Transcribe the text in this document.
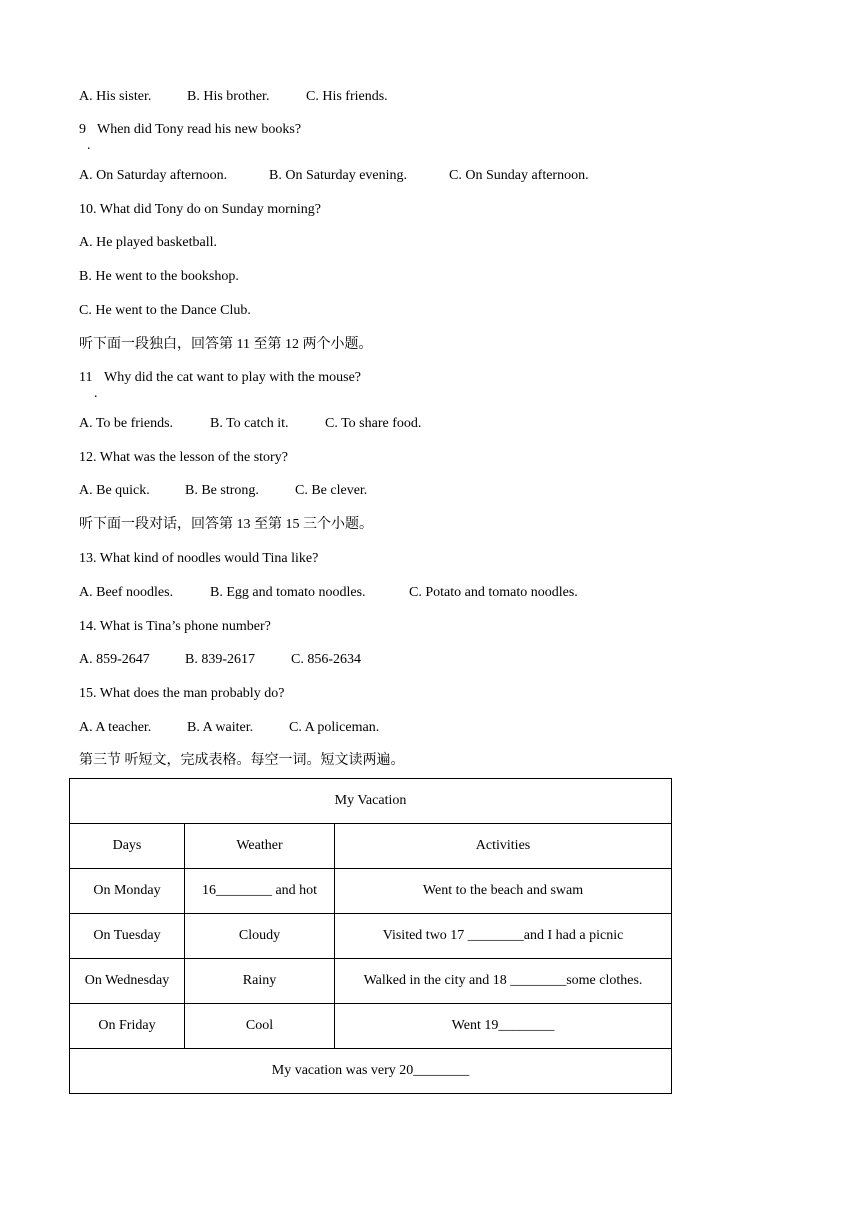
A. His sister.	B. His brother.	C. His friends.
9 When did Tony read his new books?
.
A. On Saturday afternoon.	B. On Saturday evening.	C. On Sunday afternoon.
10. What did Tony do on Sunday morning?
A. He played basketball.
B. He went to the bookshop.
C. He went to the Dance Club.
听下面一段独白，回答第 11 至第 12 两个小题。
11 Why did the cat want to play with the mouse?
.
A. To be friends.	B. To catch it.	C. To share food.
12. What was the lesson of the story?
A. Be quick.	B. Be strong.	C. Be clever.
听下面一段对话，回答第 13 至第 15 三个小题。
13. What kind of noodles would Tina like?
A. Beef noodles.	B. Egg and tomato noodles.	C. Potato and tomato noodles.
14. What is Tina’s phone number?
A. 859-2647	B. 839-2617	C. 856-2634
15. What does the man probably do?
A. A teacher.	B. A waiter.	C. A policeman.
第三节 听短文，完成表格。每空一词。短文读两遍。
My Vacation		
Days	Weather	Activities
On Monday	16________ and hot	Went to the beach and swam
On Tuesday	Cloudy	Visited two 17 ________and I had a picnic
On Wednesday	Rainy	Walked in the city and 18 ________some clothes.
On Friday	Cool	Went 19________
My vacation was very 20________		
